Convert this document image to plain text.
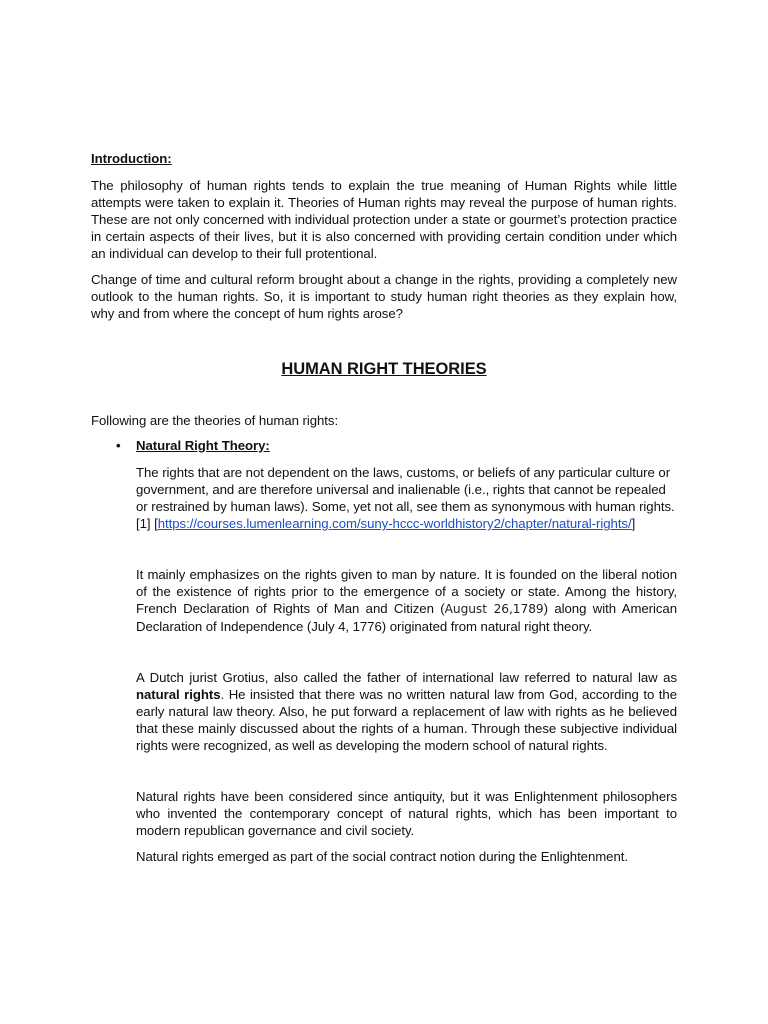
Introduction:

The philosophy of human rights tends to explain the true meaning of Human Rights while little attempts were taken to explain it. Theories of Human rights may reveal the purpose of human rights. These are not only concerned with individual protection under a state or gourmet’s protection practice in certain aspects of their lives, but it is also concerned with providing certain condition under which an individual can develop to their full protentional.

Change of time and cultural reform brought about a change in the rights, providing a completely new outlook to the human rights. So, it is important to study human right theories as they explain how, why and from where the concept of hum rights arose?

HUMAN RIGHT THEORIES

Following are the theories of human rights:

• Natural Right Theory:

The rights that are not dependent on the laws, customs, or beliefs of any particular culture or government, and are therefore universal and inalienable (i.e., rights that cannot be repealed or restrained by human laws). Some, yet not all, see them as synonymous with human rights. [1] [https://courses.lumenlearning.com/suny-hccc-worldhistory2/chapter/natural-rights/]

It mainly emphasizes on the rights given to man by nature. It is founded on the liberal notion of the existence of rights prior to the emergence of a society or state. Among the history, French Declaration of Rights of Man and Citizen (August 26,1789) along with American Declaration of Independence (July 4, 1776) originated from natural right theory.

A Dutch jurist Grotius, also called the father of international law referred to natural law as natural rights. He insisted that there was no written natural law from God, according to the early natural law theory. Also, he put forward a replacement of law with rights as he believed that these mainly discussed about the rights of a human. Through these subjective individual rights were recognized, as well as developing the modern school of natural rights.

Natural rights have been considered since antiquity, but it was Enlightenment philosophers who invented the contemporary concept of natural rights, which has been important to modern republican governance and civil society.

Natural rights emerged as part of the social contract notion during the Enlightenment.
